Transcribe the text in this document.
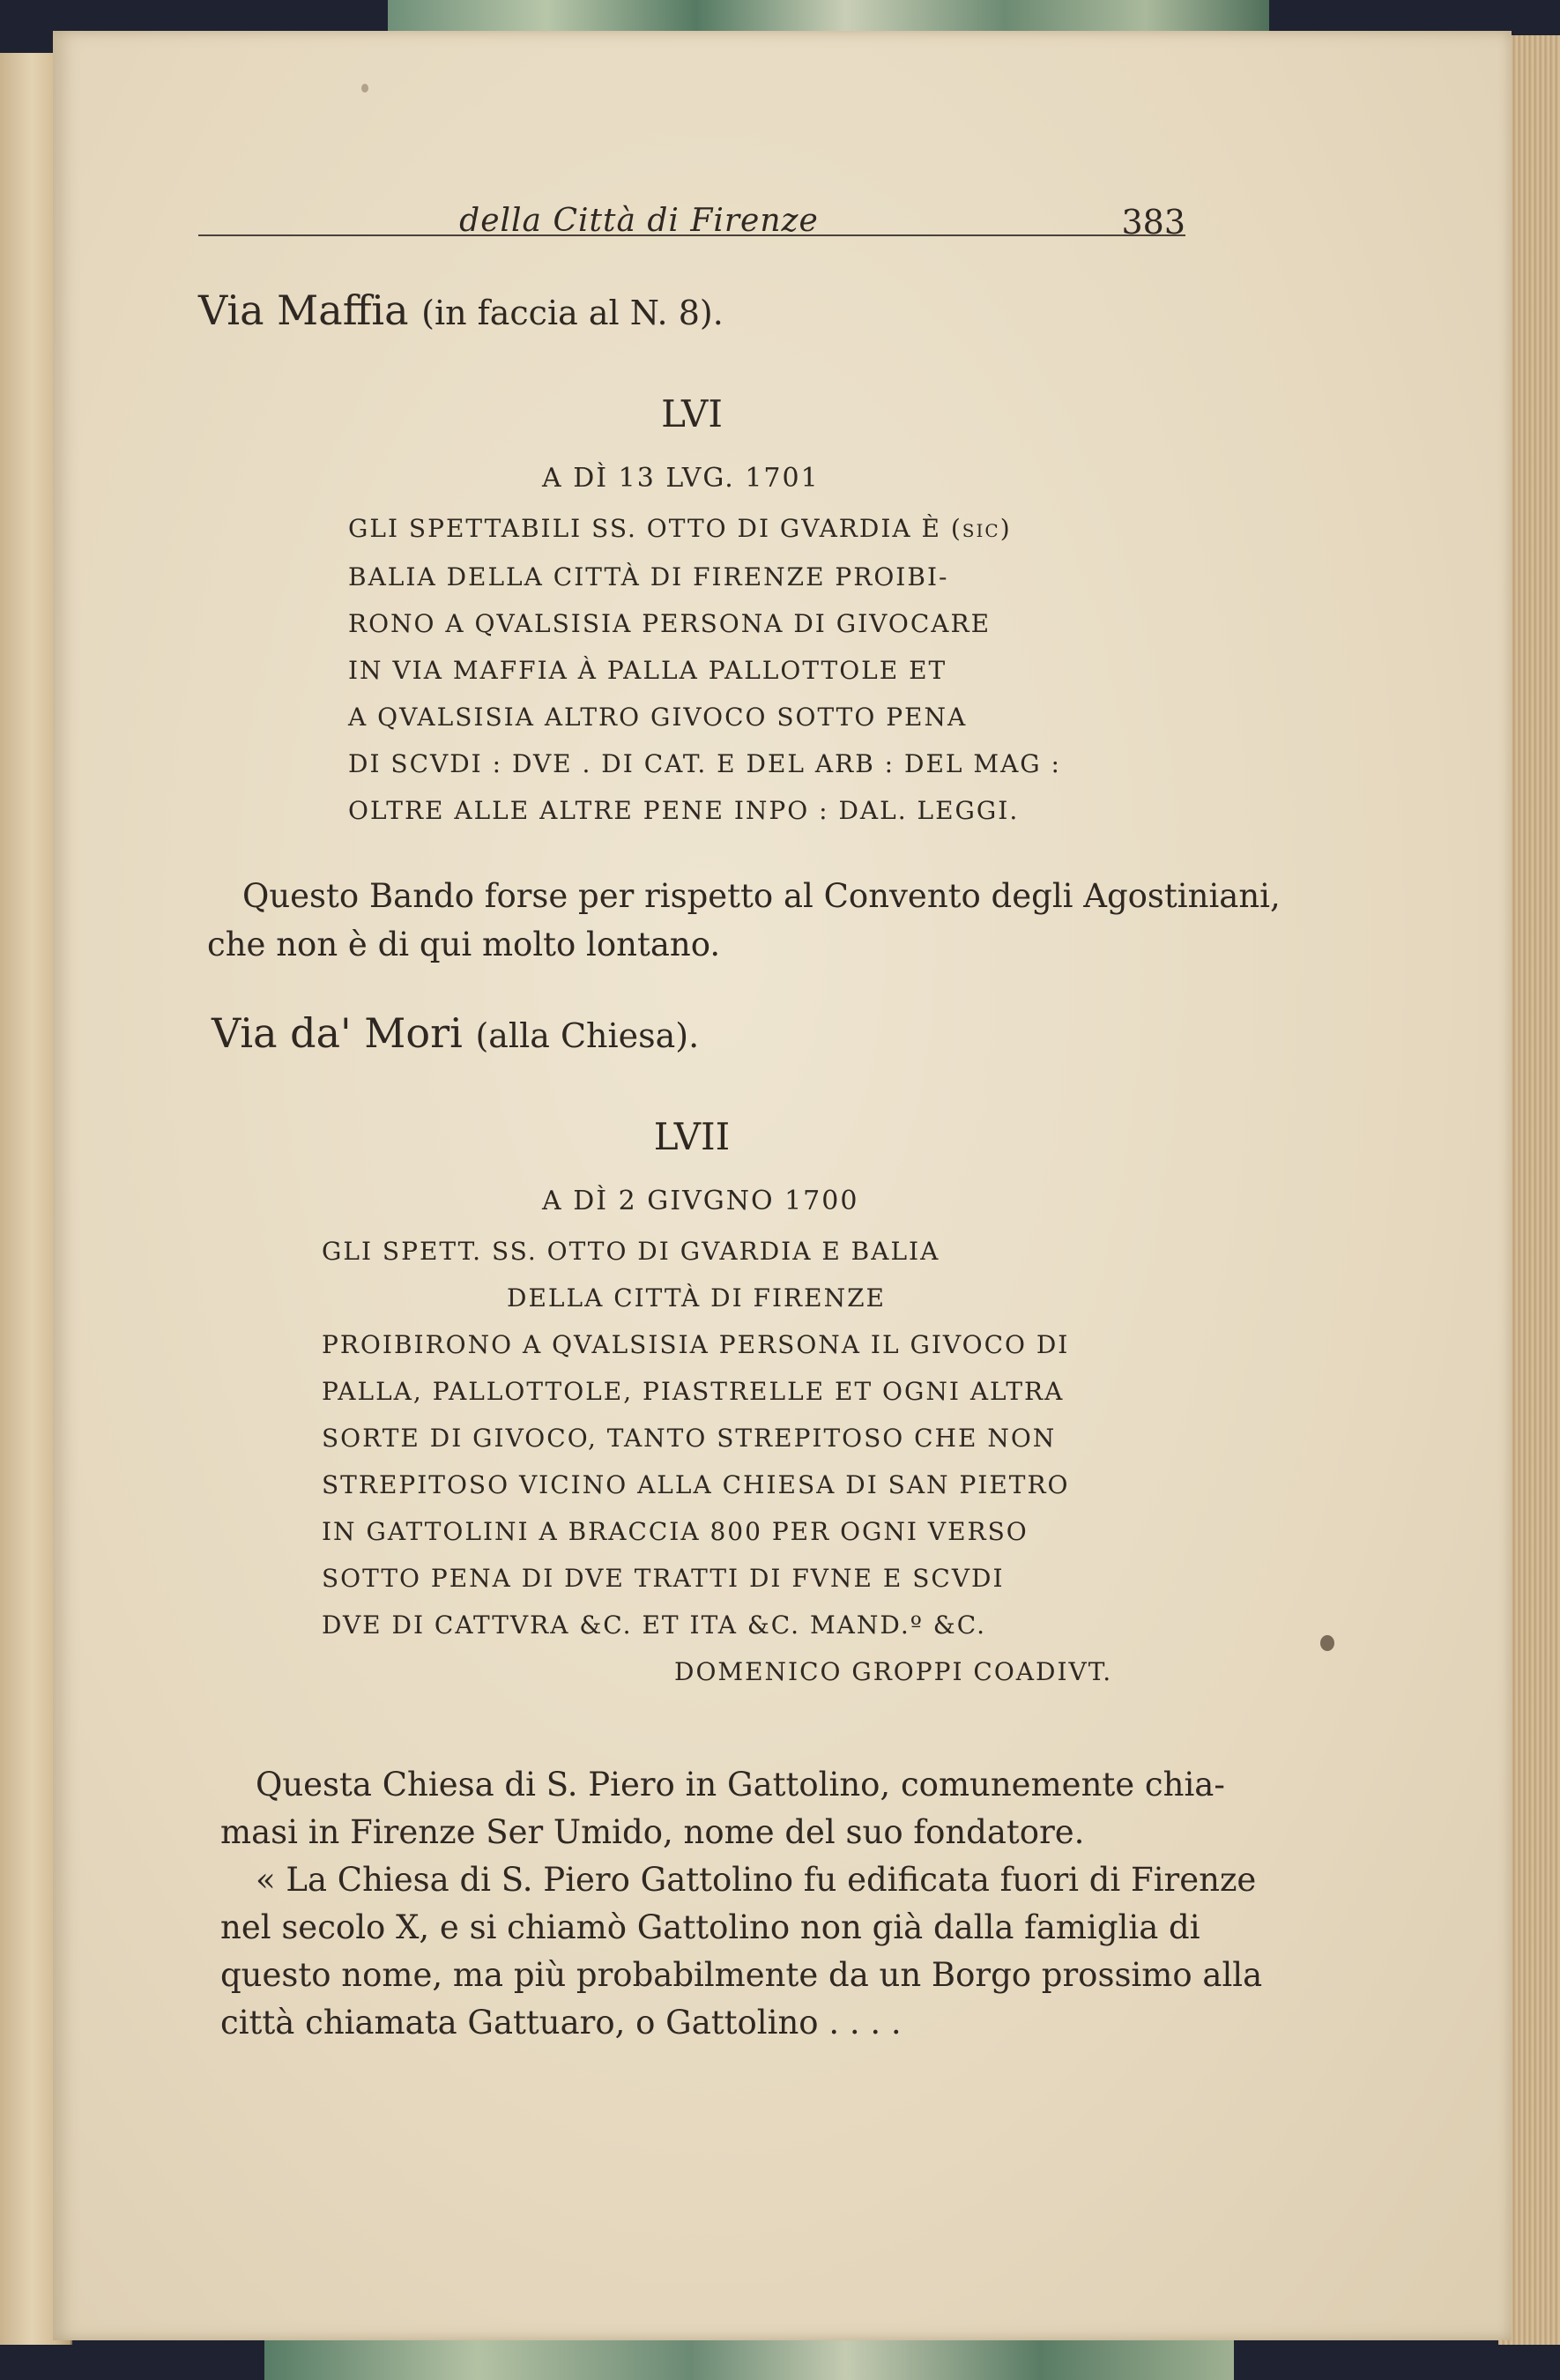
della Città di Firenze	383
Via Maffia (in faccia al N. 8).
LVI
A DÌ 13 LVG. 1701
GLI SPETTABILI SS. OTTO DI GVARDIA È (sic)
BALIA DELLA CITTÀ DI FIRENZE PROIBI-
RONO A QVALSISIA PERSONA DI GIVOCARE
IN VIA MAFFIA À PALLA PALLOTTOLE ET
A QVALSISIA ALTRO GIVOCO SOTTO PENA
DI SCVDI : DVE . DI CAT. E DEL ARB : DEL MAG :
OLTRE ALLE ALTRE PENE INPO : DAL. LEGGI.
Questo Bando forse per rispetto al Convento degli Agostiniani,
che non è di qui molto lontano.
Via da' Mori (alla Chiesa).
LVII
A DÌ 2 GIVGNO 1700
GLI SPETT. SS. OTTO DI GVARDIA E BALIA
DELLA CITTÀ DI FIRENZE
PROIBIRONO A QVALSISIA PERSONA IL GIVOCO DI
PALLA, PALLOTTOLE, PIASTRELLE ET OGNI ALTRA
SORTE DI GIVOCO, TANTO STREPITOSO CHE NON
STREPITOSO VICINO ALLA CHIESA DI SAN PIETRO
IN GATTOLINI A BRACCIA 800 PER OGNI VERSO
SOTTO PENA DI DVE TRATTI DI FVNE E SCVDI
DVE DI CATTVRA &C. ET ITA &C. MAND.º &C.
DOMENICO GROPPI COADIVT.
Questa Chiesa di S. Piero in Gattolino, comunemente chia-
masi in Firenze Ser Umido, nome del suo fondatore.
« La Chiesa di S. Piero Gattolino fu edificata fuori di Firenze
nel secolo X, e si chiamò Gattolino non già dalla famiglia di
questo nome, ma più probabilmente da un Borgo prossimo alla
città chiamata Gattuaro, o Gattolino . . . .
